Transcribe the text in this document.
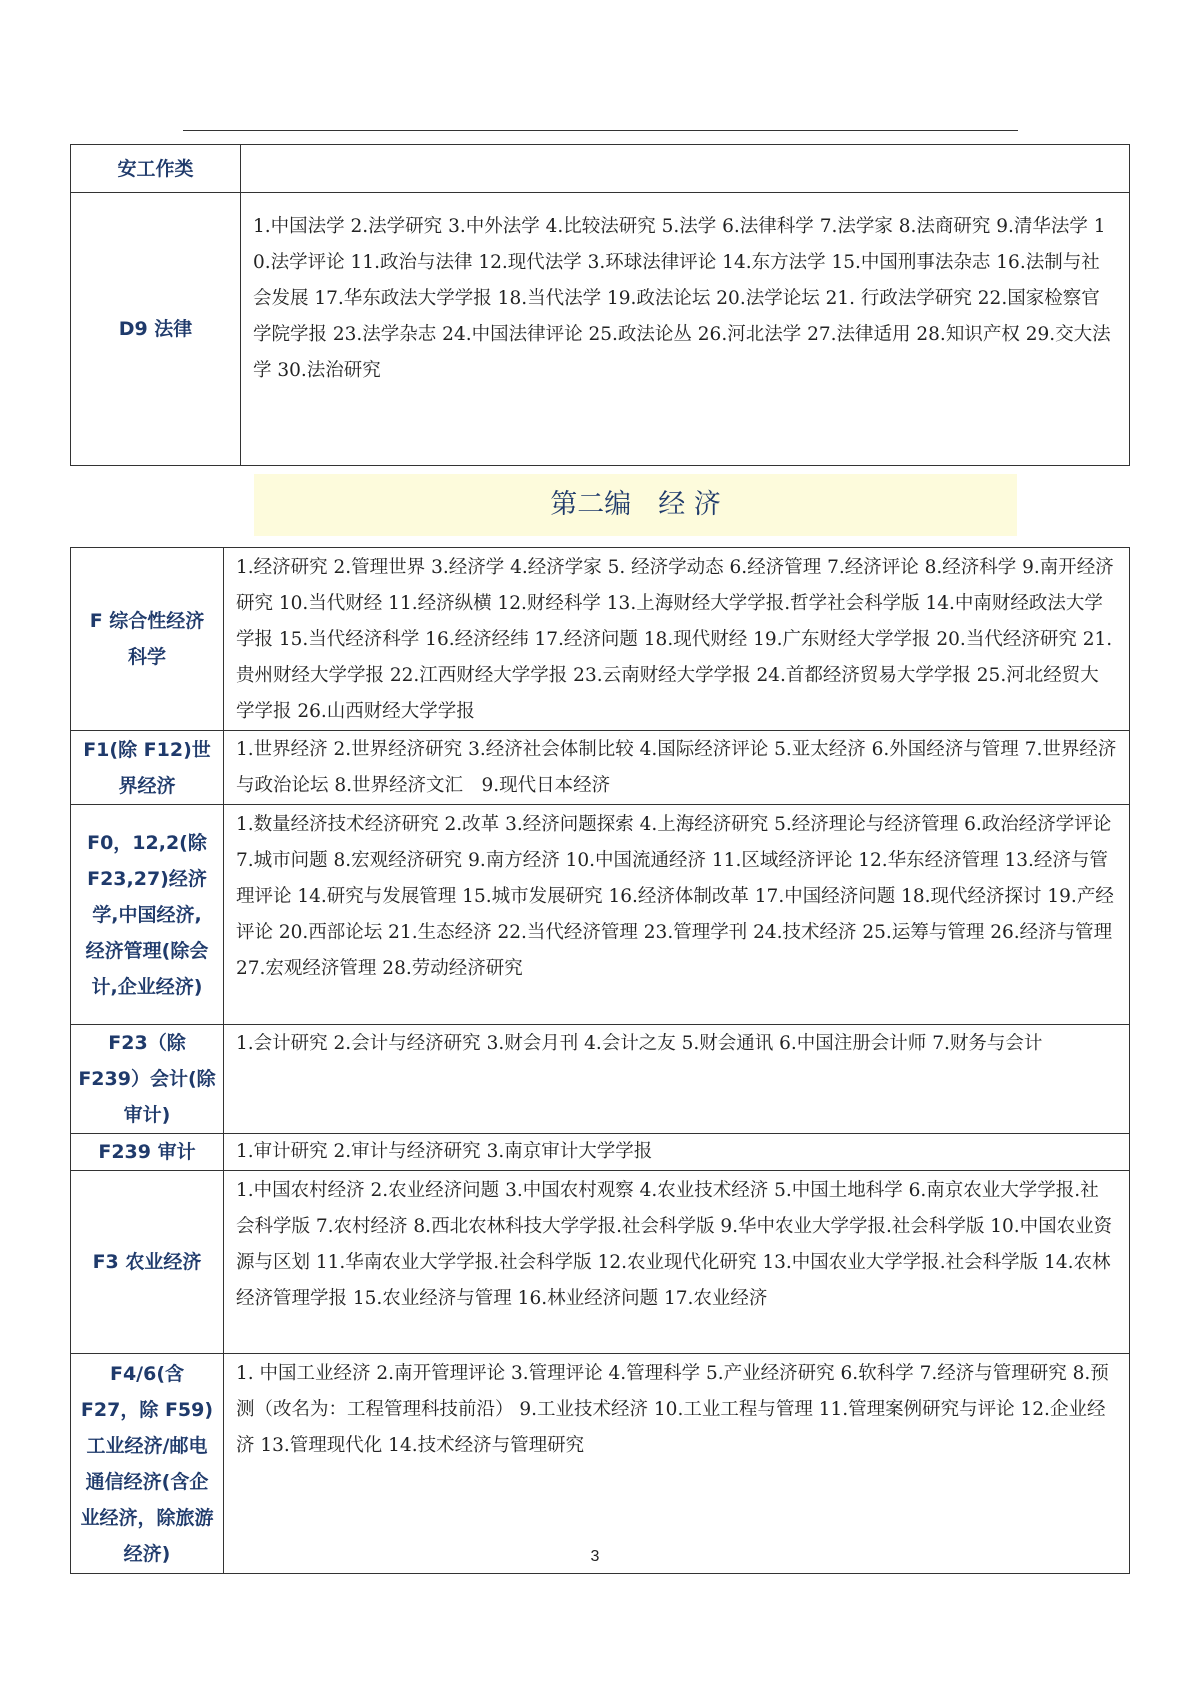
安工作类	
D9 法律	1.中国法学 2.法学研究 3.中外法学 4.比较法研究 5.法学 6.法律科学 7.法学家 8.法商研究 9.清华法学 10.法学评论 11.政治与法律 12.现代法学 3.环球法律评论 14.东方法学 15.中国刑事法杂志 16.法制与社会发展 17.华东政法大学学报 18.当代法学 19.政法论坛 20.法学论坛 21. 行政法学研究 22.国家检察官学院学报 23.法学杂志 24.中国法律评论 25.政法论丛 26.河北法学 27.法律适用 28.知识产权 29.交大法学 30.法治研究
第二编　经 济
F 综合性经济科学	1.经济研究 2.管理世界 3.经济学 4.经济学家 5. 经济学动态 6.经济管理 7.经济评论 8.经济科学 9.南开经济研究 10.当代财经 11.经济纵横 12.财经科学 13.上海财经大学学报.哲学社会科学版 14.中南财经政法大学学报 15.当代经济科学 16.经济经纬 17.经济问题 18.现代财经 19.广东财经大学学报 20.当代经济研究 21.贵州财经大学学报 22.江西财经大学学报 23.云南财经大学学报 24.首都经济贸易大学学报 25.河北经贸大学学报 26.山西财经大学学报
F1(除 F12)世界经济	1.世界经济 2.世界经济研究 3.经济社会体制比较 4.国际经济评论 5.亚太经济 6.外国经济与管理 7.世界经济与政治论坛 8.世界经济文汇　9.现代日本经济
F0，12,2(除 F23,27)经济学,中国经济,经济管理(除会计,企业经济)	1.数量经济技术经济研究 2.改革 3.经济问题探索 4.上海经济研究 5.经济理论与经济管理 6.政治经济学评论 7.城市问题 8.宏观经济研究 9.南方经济 10.中国流通经济 11.区域经济评论 12.华东经济管理 13.经济与管理评论 14.研究与发展管理 15.城市发展研究 16.经济体制改革 17.中国经济问题 18.现代经济探讨 19.产经评论 20.西部论坛 21.生态经济 22.当代经济管理 23.管理学刊 24.技术经济 25.运筹与管理 26.经济与管理 27.宏观经济管理 28.劳动经济研究
F23（除 F239）会计(除审计)	1.会计研究 2.会计与经济研究 3.财会月刊 4.会计之友 5.财会通讯 6.中国注册会计师 7.财务与会计
F239 审计	1.审计研究 2.审计与经济研究 3.南京审计大学学报
F3 农业经济	1.中国农村经济 2.农业经济问题 3.中国农村观察 4.农业技术经济 5.中国土地科学 6.南京农业大学学报.社会科学版 7.农村经济 8.西北农林科技大学学报.社会科学版 9.华中农业大学学报.社会科学版 10.中国农业资源与区划 11.华南农业大学学报.社会科学版 12.农业现代化研究 13.中国农业大学学报.社会科学版 14.农林经济管理学报 15.农业经济与管理 16.林业经济问题 17.农业经济
F4/6(含 F27，除 F59)工业经济/邮电通信经济(含企业经济，除旅游经济)	1. 中国工业经济 2.南开管理评论 3.管理评论 4.管理科学 5.产业经济研究 6.软科学 7.经济与管理研究 8.预测（改名为：工程管理科技前沿） 9.工业技术经济 10.工业工程与管理 11.管理案例研究与评论 12.企业经济 13.管理现代化 14.技术经济与管理研究
3
